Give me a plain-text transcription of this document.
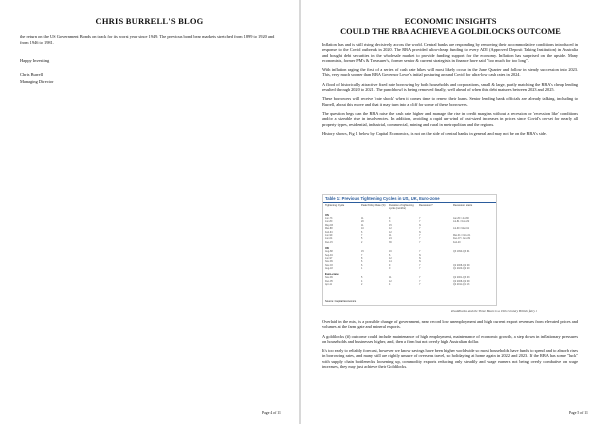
CHRIS BURRELL'S BLOG

the return on the US Government Bonds on track for its worst year since 1949. The previous bond bear markets stretched from 1899 to 1920 and from 1946 to 1981.

Happy Investing
Chris Burrell
Managing Director
Page 4 of 11
ECONOMIC INSIGHTS
COULD THE RBA ACHIEVE A GOLDILOCKS OUTCOME

Inflation has and is still rising decisively across the world. Central banks are responding by removing their accommodative conditions introduced in response to the Covid outbreak in 2020. The RBA provided ultra-cheap funding to every ADI (Approved Deposit Taking Institution) in Australia and bought debt securities in the wholesale market to provide funding support for the economy. Inflation has surprised on the upside. Many economists, former PM's & Treasurer's, former senior & current strategists in finance have said "too much for too long".

With inflation raging the first of a series of cash rate hikes will most likely occur in the June Quarter and follow in steady succession into 2023. This, very much sooner than RBA Governor Lowe's initial posturing around Covid for ultra-low cash rates in 2024.

A flood of historically attractive fixed rate borrowing by both households and corporations, small & large, partly matching the RBA's cheap lending resulted through 2020 to 2021. The punchbowl is being removed finally, well ahead of when this debt matures between 2023 and 2025.

These borrowers will receive 'rate shock' when it comes time to renew their loans. Senior lending bank officials are already talking, including to Burrell, about this move and that it may turn into a cliff for some of these borrowers.

The question begs can the RBA raise the cash rate higher and manage the rise in credit margins without a recession or 'recession like' conditions and/or a sizeable rise in insolvencies. In addition, avoiding a rapid un-wind of out-sized increases in prices since Covid's on-set for nearly all property types, residential, industrial, commercial, mining and rural in metropolitan and the regions.

History shows, Fig 1 below by Capital Economics, is not on the side of central banks in general and may not be on the RBA's side.

Table 1: Previous Tightening Cycles in US, UK, Euro-zone
Tightening Cycle	Peak Policy Rate (%)	Duration of tightening cycle (months)
Recession?	Recession starts
US
Jun-73	11	9	Y	Jan-80 / Jul-80
Jun-80	20	3	Y	Jul-81 / Nov-82
May-83	11	15	N
Mar-88	10	12	Y	Jul-90 / Mar-91
Feb-94	6	12	N
Jun-99	7	11	Y	Mar-01 / Nov-01
Jun-04	5	24	Y	Dec-07 / Jun-09
Dec-15	2	36	Y	Feb-20
UK
Aug-88	15	16	Y	Q3 1990-Q3 91
Sep-94	7	6	N
Jun-97	8	12	N
Nov-99	6	14	N
Nov-03	6	9	Y	Q2 2008-Q2 09
Aug-18	1	0	Y	Q1 2020-Q2 20
Euro-zone
Nov-99	5	11	Y	Q2 2001-Q3 03
Dec-05	4	12	Y	Q2 2008-Q2 09
Apr-11	2	4	Y	Q4 2011-Q1 13
Source: Capital Economics
#Goldilocks and the Three Bears is a 19th Century British fairy t

Overlaid in the mix, is a possible change of government, near record low unemployment and high current export revenues from elevated prices and volumes at the farm gate and mineral exports.

A goldilocks (#) outcome could include maintenance of high employment, maintenance of economic growth, a step down in inflationary pressures on households and businesses higher, and, then a firm but not overly high Australian dollar.

It's too early to reliably forecast, however we know savings have been higher worldwide so most households have funds to spend and to absorb rises in borrowing rates, and many still are rightly unsure of overseas travel, so holidaying at home again in 2022 and 2023. If the RBA has some "luck" with supply chain bottlenecks loosening up, commodity exports reducing only steadily and wage earners not being overly combative on wage increases, they may just achieve their Goldilocks.

Page 5 of 11
